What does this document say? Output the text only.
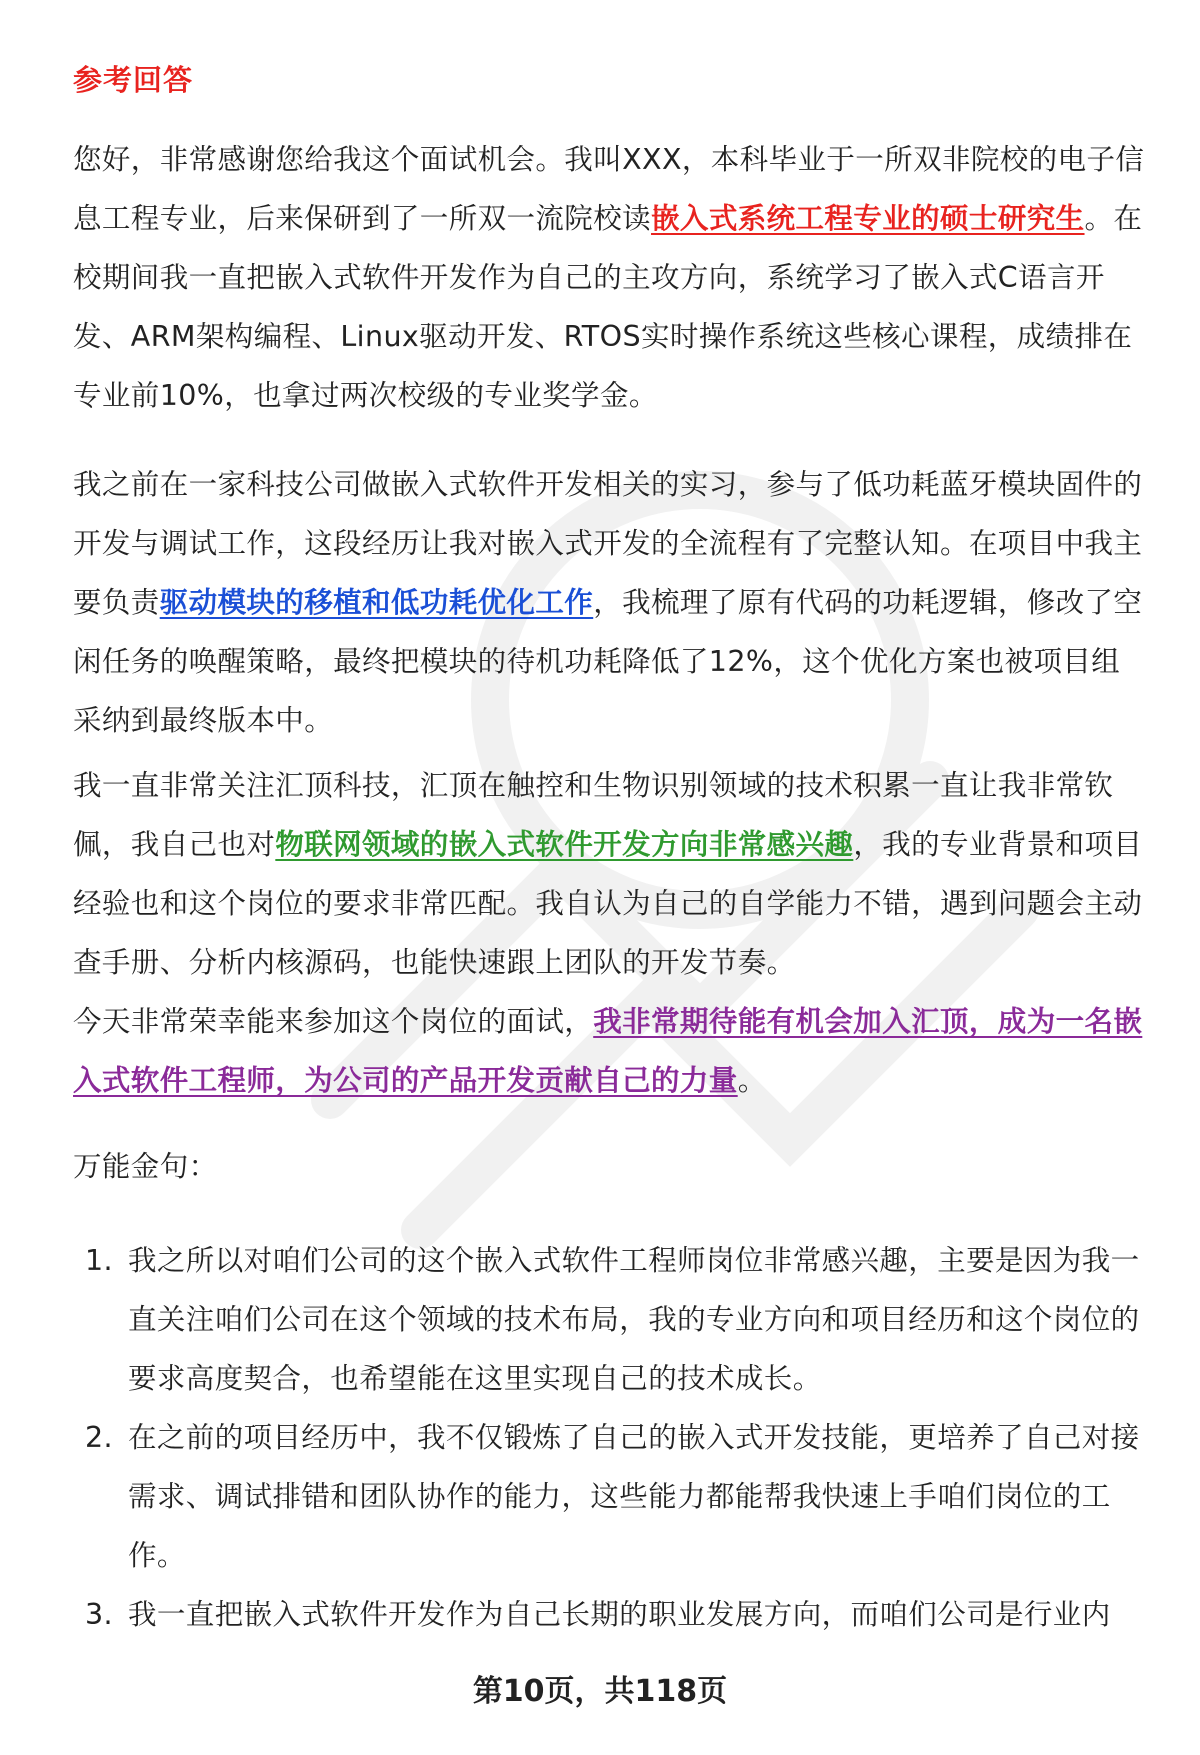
参考回答

您好，非常感谢您给我这个面试机会。我叫XXX，本科毕业于一所双非院校的电子信息工程专业，后来保研到了一所双一流院校读嵌入式系统工程专业的硕士研究生。在校期间我一直把嵌入式软件开发作为自己的主攻方向，系统学习了嵌入式C语言开发、ARM架构编程、Linux驱动开发、RTOS实时操作系统这些核心课程，成绩排在专业前10%，也拿过两次校级的专业奖学金。

我之前在一家科技公司做嵌入式软件开发相关的实习，参与了低功耗蓝牙模块固件的开发与调试工作，这段经历让我对嵌入式开发的全流程有了完整认知。在项目中我主要负责驱动模块的移植和低功耗优化工作，我梳理了原有代码的功耗逻辑，修改了空闲任务的唤醒策略，最终把模块的待机功耗降低了12%，这个优化方案也被项目组采纳到最终版本中。

我一直非常关注汇顶科技，汇顶在触控和生物识别领域的技术积累一直让我非常钦佩，我自己也对物联网领域的嵌入式软件开发方向非常感兴趣，我的专业背景和项目经验也和这个岗位的要求非常匹配。我自认为自己的自学能力不错，遇到问题会主动查手册、分析内核源码，也能快速跟上团队的开发节奏。

今天非常荣幸能来参加这个岗位的面试，我非常期待能有机会加入汇顶，成为一名嵌入式软件工程师，为公司的产品开发贡献自己的力量。

万能金句：

1. 我之所以对咱们公司的这个嵌入式软件工程师岗位非常感兴趣，主要是因为我一直关注咱们公司在这个领域的技术布局，我的专业方向和项目经历和这个岗位的要求高度契合，也希望能在这里实现自己的技术成长。
2. 在之前的项目经历中，我不仅锻炼了自己的嵌入式开发技能，更培养了自己对接需求、调试排错和团队协作的能力，这些能力都能帮我快速上手咱们岗位的工作。
3. 我一直把嵌入式软件开发作为自己长期的职业发展方向，而咱们公司是行业内
第10页，共118页
